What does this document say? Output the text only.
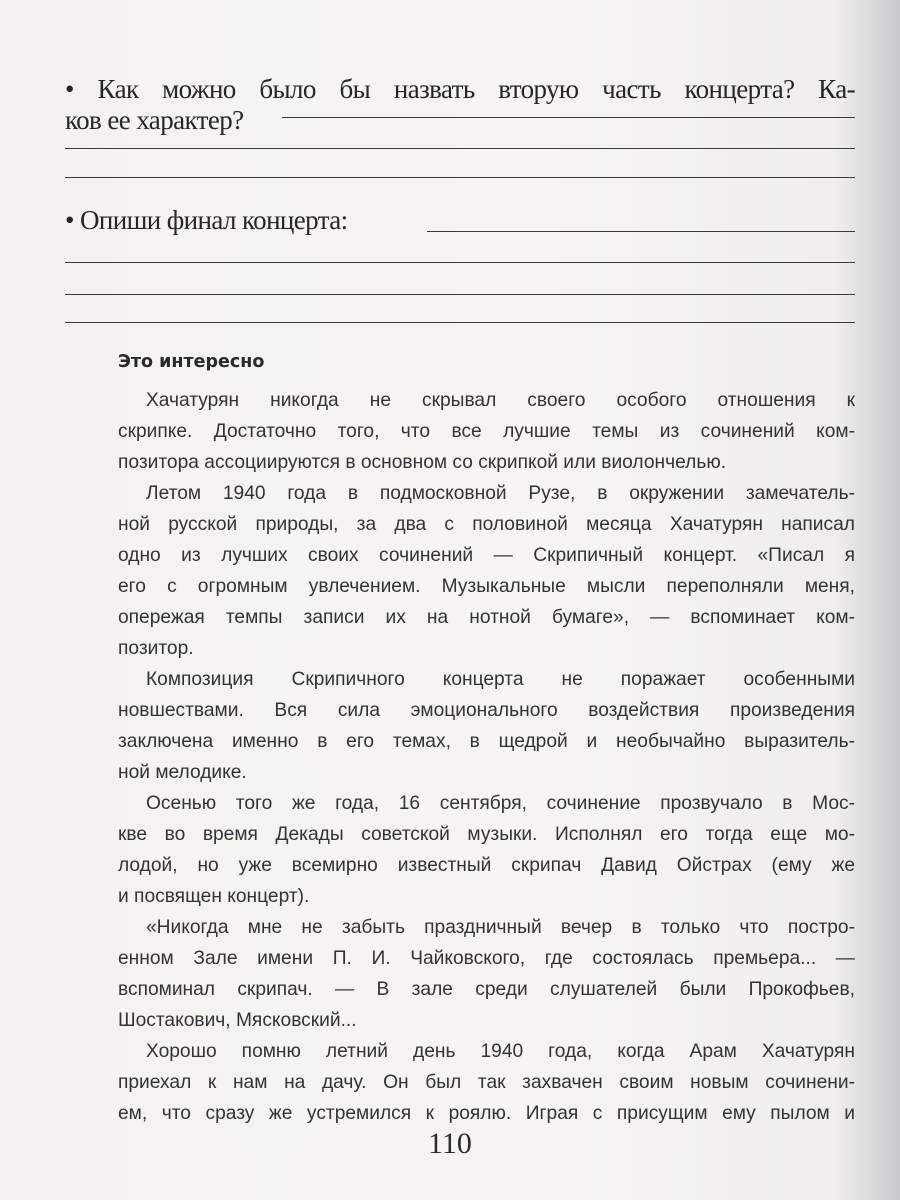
• Как можно было бы назвать вторую часть концерта? Ка-
ков ее характер?
• Опиши финал концерта:
Это интересно
Хачатурян никогда не скрывал своего особого отношения к
скрипке. Достаточно того, что все лучшие темы из сочинений ком-
позитора ассоциируются в основном со скрипкой или виолончелью.
Летом 1940 года в подмосковной Рузе, в окружении замечатель-
ной русской природы, за два с половиной месяца Хачатурян написал
одно из лучших своих сочинений — Скрипичный концерт. «Писал я
его с огромным увлечением. Музыкальные мысли переполняли меня,
опережая темпы записи их на нотной бумаге», — вспоминает ком-
позитор.
Композиция Скрипичного концерта не поражает особенными
новшествами. Вся сила эмоционального воздействия произведения
заключена именно в его темах, в щедрой и необычайно выразитель-
ной мелодике.
Осенью того же года, 16 сентября, сочинение прозвучало в Мос-
кве во время Декады советской музыки. Исполнял его тогда еще мо-
лодой, но уже всемирно известный скрипач Давид Ойстрах (ему же
и посвящен концерт).
«Никогда мне не забыть праздничный вечер в только что постро-
енном Зале имени П. И. Чайковского, где состоялась премьера... —
вспоминал скрипач. — В зале среди слушателей были Прокофьев,
Шостакович, Мясковский...
Хорошо помню летний день 1940 года, когда Арам Хачатурян
приехал к нам на дачу. Он был так захвачен своим новым сочинени-
ем, что сразу же устремился к роялю. Играя с присущим ему пылом и
110
